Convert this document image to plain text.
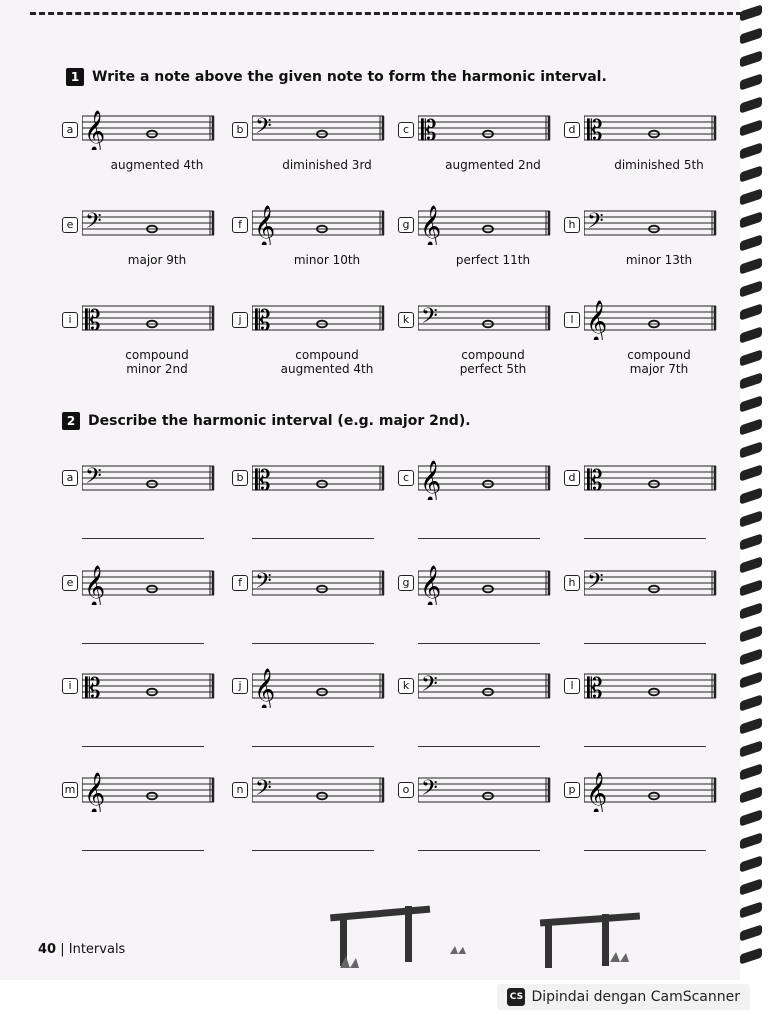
1 Write a note above the given note to form the harmonic interval.
a 𝄞
augmented 4th
b 𝄢
diminished 3rd
c 𝄡
augmented 2nd
d 𝄡
diminished 5th
e 𝄢
major 9th
f 𝄞
minor 10th
g 𝄞
perfect 11th
h 𝄢
minor 13th
i 𝄡
compound
minor 2nd
j 𝄡
compound
augmented 4th
k 𝄢
compound
perfect 5th
l 𝄞
compound
major 7th
2 Describe the harmonic interval (e.g. major 2nd).
a 𝄢	b 𝄡	c 𝄞	d 𝄡
e 𝄞	f 𝄢	g 𝄞	h 𝄢
i 𝄡	j 𝄞	k 𝄢	l 𝄡
m 𝄞	n 𝄢	o 𝄢	p 𝄞
40 | Intervals
CS Dipindai dengan CamScanner
